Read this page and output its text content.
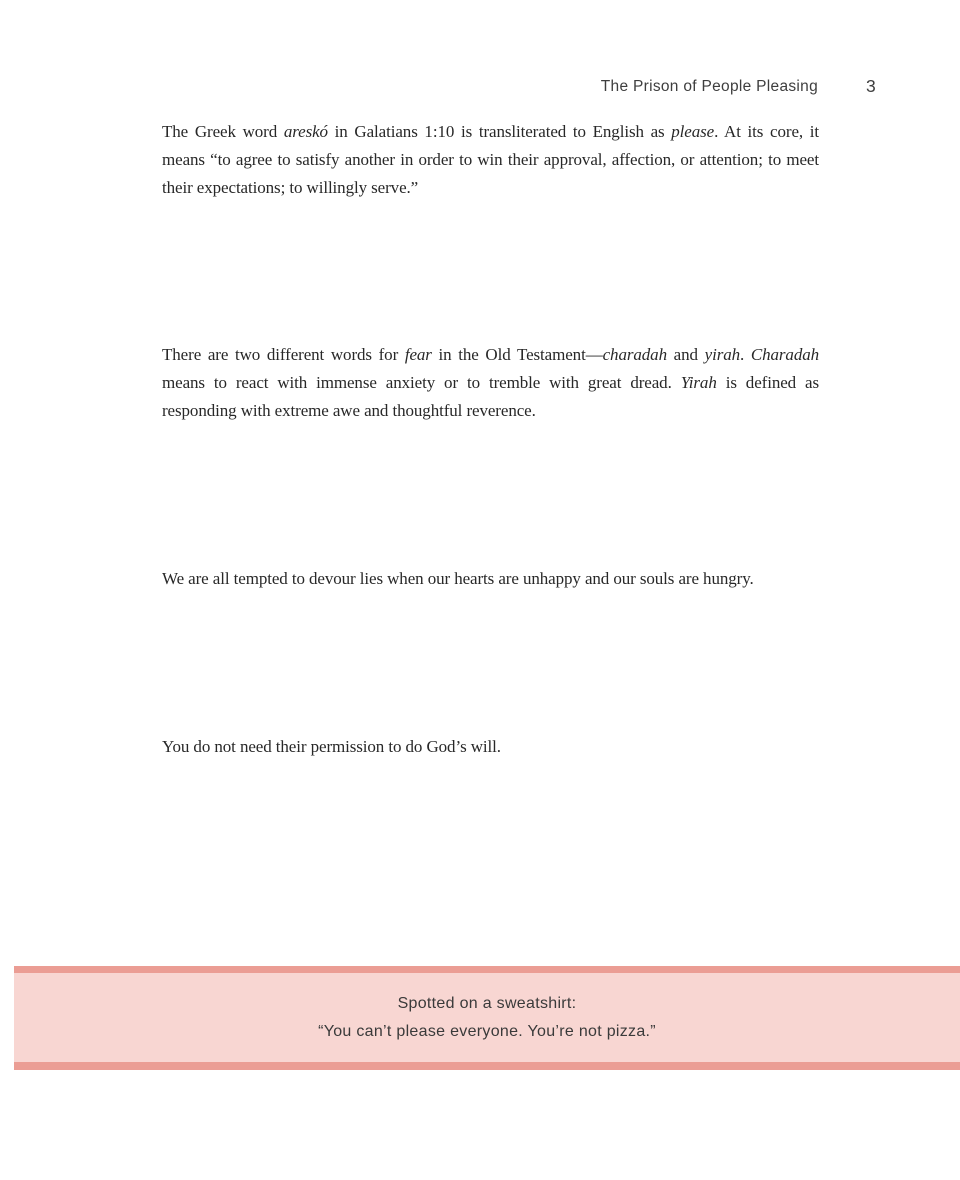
The Prison of People Pleasing	3
The Greek word areskó in Galatians 1:10 is transliterated to English as please. At its core, it means “to agree to satisfy another in order to win their approval, affection, or attention; to meet their expectations; to willingly serve.”
There are two different words for fear in the Old Testament—charadah and yirah. Charadah means to react with immense anxiety or to tremble with great dread. Yirah is defined as responding with extreme awe and thoughtful reverence.
We are all tempted to devour lies when our hearts are unhappy and our souls are hungry.
You do not need their permission to do God’s will.
Spotted on a sweatshirt:
“You can’t please everyone. You’re not pizza.”
